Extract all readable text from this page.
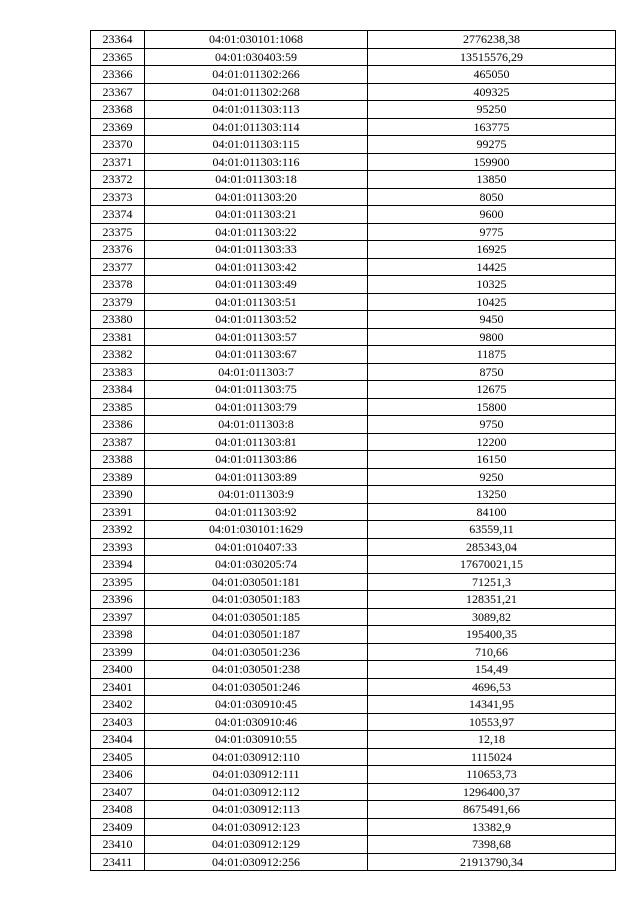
23364	04:01:030101:1068	2776238,38
23365	04:01:030403:59	13515576,29
23366	04:01:011302:266	465050
23367	04:01:011302:268	409325
23368	04:01:011303:113	95250
23369	04:01:011303:114	163775
23370	04:01:011303:115	99275
23371	04:01:011303:116	159900
23372	04:01:011303:18	13850
23373	04:01:011303:20	8050
23374	04:01:011303:21	9600
23375	04:01:011303:22	9775
23376	04:01:011303:33	16925
23377	04:01:011303:42	14425
23378	04:01:011303:49	10325
23379	04:01:011303:51	10425
23380	04:01:011303:52	9450
23381	04:01:011303:57	9800
23382	04:01:011303:67	11875
23383	04:01:011303:7	8750
23384	04:01:011303:75	12675
23385	04:01:011303:79	15800
23386	04:01:011303:8	9750
23387	04:01:011303:81	12200
23388	04:01:011303:86	16150
23389	04:01:011303:89	9250
23390	04:01:011303:9	13250
23391	04:01:011303:92	84100
23392	04:01:030101:1629	63559,11
23393	04:01:010407:33	285343,04
23394	04:01:030205:74	17670021,15
23395	04:01:030501:181	71251,3
23396	04:01:030501:183	128351,21
23397	04:01:030501:185	3089,82
23398	04:01:030501:187	195400,35
23399	04:01:030501:236	710,66
23400	04:01:030501:238	154,49
23401	04:01:030501:246	4696,53
23402	04:01:030910:45	14341,95
23403	04:01:030910:46	10553,97
23404	04:01:030910:55	12,18
23405	04:01:030912:110	1115024
23406	04:01:030912:111	110653,73
23407	04:01:030912:112	1296400,37
23408	04:01:030912:113	8675491,66
23409	04:01:030912:123	13382,9
23410	04:01:030912:129	7398,68
23411	04:01:030912:256	21913790,34
